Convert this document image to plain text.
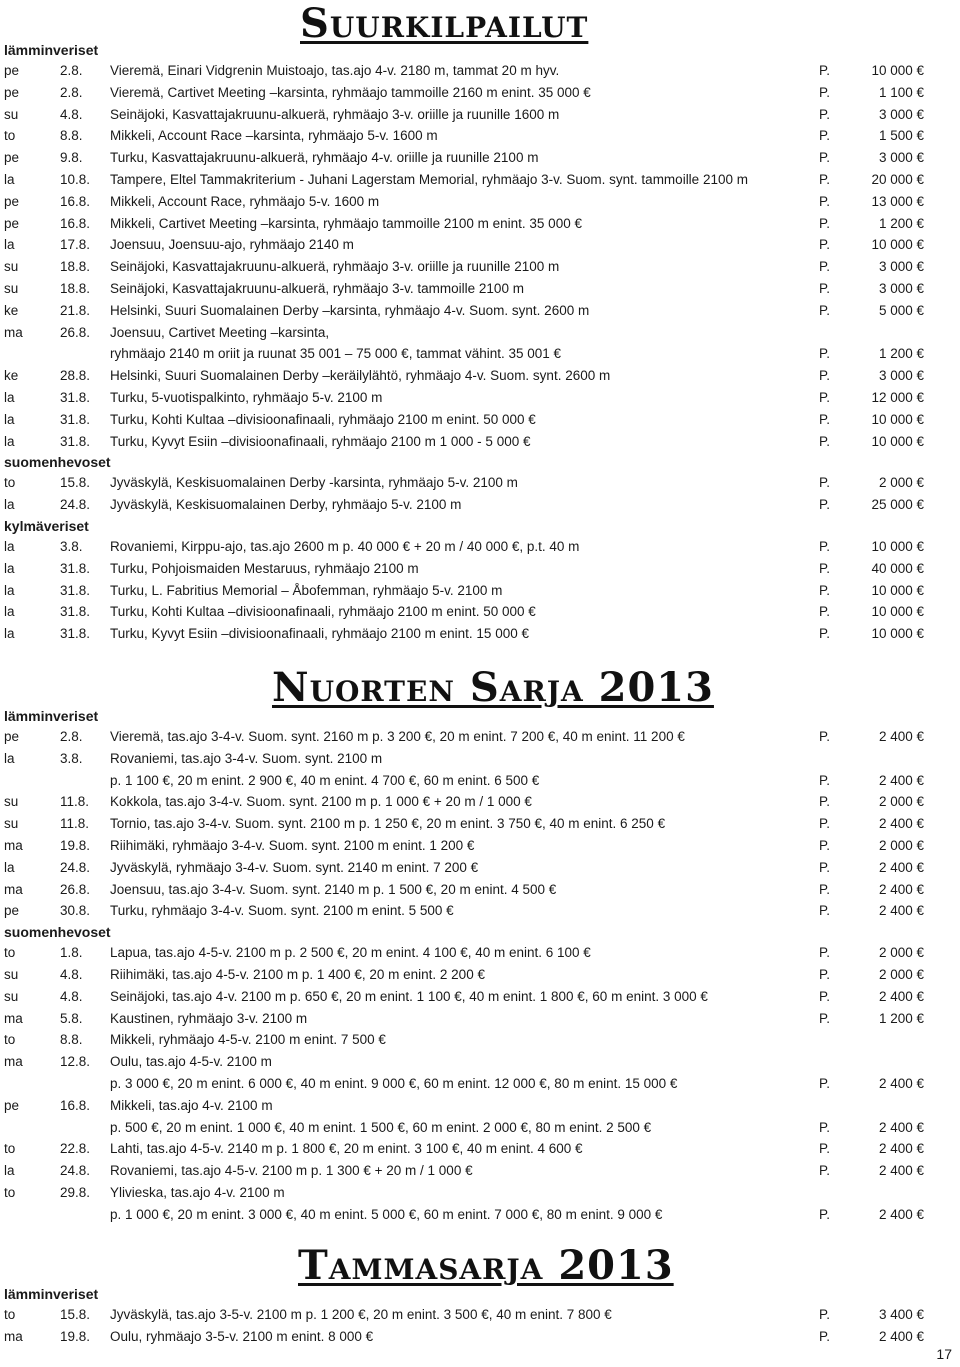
Suurkilpailut
lämminveriset
pe	2.8. Vieremä, Einari Vidgrenin Muistoajo, tas.ajo 4-v. 2180 m, tammat 20 m hyv.	P.	10 000 €
pe	2.8. Vieremä, Cartivet Meeting –karsinta, ryhmäajo tammoille 2160 m enint. 35 000 €	P.	1 100 €
su	4.8. Seinäjoki, Kasvattajakruunu-alkuerä, ryhmäajo 3-v. oriille ja ruunille 1600 m	P.	3 000 €
to	8.8. Mikkeli, Account Race –karsinta, ryhmäajo 5-v. 1600 m	P.	1 500 €
pe	9.8. Turku, Kasvattajakruunu-alkuerä, ryhmäajo 4-v. oriille ja ruunille 2100 m	P.	3 000 €
la	10.8. Tampere, Eltel Tammakriterium - Juhani Lagerstam Memorial, ryhmäajo 3-v. Suom. synt. tammoille 2100 m	P.	20 000 €
pe	16.8. Mikkeli, Account Race, ryhmäajo 5-v. 1600 m	P.	13 000 €
pe	16.8. Mikkeli, Cartivet Meeting –karsinta, ryhmäajo tammoille 2100 m enint. 35 000 €	P.	1 200 €
la	17.8. Joensuu, Joensuu-ajo, ryhmäajo 2140 m	P.	10 000 €
su	18.8. Seinäjoki, Kasvattajakruunu-alkuerä, ryhmäajo 3-v. oriille ja ruunille 2100 m	P.	3 000 €
su	18.8. Seinäjoki, Kasvattajakruunu-alkuerä, ryhmäajo 3-v. tammoille 2100 m	P.	3 000 €
ke	21.8. Helsinki, Suuri Suomalainen Derby –karsinta, ryhmäajo 4-v. Suom. synt. 2600 m	P.	5 000 €
ma	26.8. Joensuu, Cartivet Meeting –karsinta,
ryhmäajo 2140 m oriit ja ruunat 35 001 – 75 000 €, tammat vähint. 35 001 €	P.	1 200 €
ke	28.8. Helsinki, Suuri Suomalainen Derby –keräilylähtö, ryhmäajo 4-v. Suom. synt. 2600 m	P.	3 000 €
la	31.8. Turku, 5-vuotispalkinto, ryhmäajo 5-v. 2100 m	P.	12 000 €
la	31.8. Turku, Kohti Kultaa –divisioonafinaali, ryhmäajo 2100 m enint. 50 000 €	P.	10 000 €
la	31.8. Turku, Kyvyt Esiin –divisioonafinaali, ryhmäajo 2100 m 1 000 - 5 000 €	P.	10 000 €
suomenhevoset
to	15.8. Jyväskylä, Keskisuomalainen Derby -karsinta, ryhmäajo 5-v. 2100 m	P.	2 000 €
la	24.8. Jyväskylä, Keskisuomalainen Derby, ryhmäajo 5-v. 2100 m	P.	25 000 €
kylmäveriset
la	3.8. Rovaniemi, Kirppu-ajo, tas.ajo 2600 m p. 40 000 € + 20 m / 40 000 €, p.t. 40 m	P.	10 000 €
la	31.8. Turku, Pohjoismaiden Mestaruus, ryhmäajo 2100 m	P.	40 000 €
la	31.8. Turku, L. Fabritius Memorial – Åbofemman, ryhmäajo 5-v. 2100 m	P.	10 000 €
la	31.8. Turku, Kohti Kultaa –divisioonafinaali, ryhmäajo 2100 m enint. 50 000 €	P.	10 000 €
la	31.8. Turku, Kyvyt Esiin –divisioonafinaali, ryhmäajo 2100 m enint. 15 000 €	P.	10 000 €
Nuorten Sarja 2013
lämminveriset
pe	2.8. Vieremä, tas.ajo 3-4-v. Suom. synt. 2160 m p. 3 200 €, 20 m enint. 7 200 €, 40 m enint. 11 200 €	P.	2 400 €
la	3.8. Rovaniemi, tas.ajo 3-4-v. Suom. synt. 2100 m
p. 1 100 €, 20 m enint. 2 900 €, 40 m enint. 4 700 €, 60 m enint. 6 500 €	P.	2 400 €
su	11.8. Kokkola, tas.ajo 3-4-v. Suom. synt. 2100 m p. 1 000 € + 20 m / 1 000 €	P.	2 000 €
su	11.8. Tornio, tas.ajo 3-4-v. Suom. synt. 2100 m p. 1 250 €, 20 m enint. 3 750 €, 40 m enint. 6 250 €	P.	2 400 €
ma	19.8. Riihimäki, ryhmäajo 3-4-v. Suom. synt. 2100 m enint. 1 200 €	P.	2 000 €
la	24.8. Jyväskylä, ryhmäajo 3-4-v. Suom. synt. 2140 m enint. 7 200 €	P.	2 400 €
ma	26.8. Joensuu, tas.ajo 3-4-v. Suom. synt. 2140 m p. 1 500 €, 20 m enint. 4 500 €	P.	2 400 €
pe	30.8. Turku, ryhmäajo 3-4-v. Suom. synt. 2100 m enint. 5 500 €	P.	2 400 €
suomenhevoset
to	1.8. Lapua, tas.ajo 4-5-v. 2100 m p. 2 500 €, 20 m enint. 4 100 €, 40 m enint. 6 100 €	P.	2 000 €
su	4.8. Riihimäki, tas.ajo 4-5-v. 2100 m p. 1 400 €, 20 m enint. 2 200 €	P.	2 000 €
su	4.8. Seinäjoki, tas.ajo 4-v. 2100 m p. 650 €, 20 m enint. 1 100 €, 40 m enint. 1 800 €, 60 m enint. 3 000 €	P.	2 400 €
ma	5.8. Kaustinen, ryhmäajo 3-v. 2100 m	P.	1 200 €
to	8.8. Mikkeli, ryhmäajo 4-5-v. 2100 m enint. 7 500 €
ma	12.8. Oulu, tas.ajo 4-5-v. 2100 m
p. 3 000 €, 20 m enint. 6 000 €, 40 m enint. 9 000 €, 60 m enint. 12 000 €, 80 m enint. 15 000 €	P.	2 400 €
pe	16.8. Mikkeli, tas.ajo 4-v. 2100 m
p. 500 €, 20 m enint. 1 000 €, 40 m enint. 1 500 €, 60 m enint. 2 000 €, 80 m enint. 2 500 €	P.	2 400 €
to	22.8. Lahti, tas.ajo 4-5-v. 2140 m p. 1 800 €, 20 m enint. 3 100 €, 40 m enint. 4 600 €	P.	2 400 €
la	24.8. Rovaniemi, tas.ajo 4-5-v. 2100 m p. 1 300 € + 20 m / 1 000 €	P.	2 400 €
to	29.8. Ylivieska, tas.ajo 4-v. 2100 m
p. 1 000 €, 20 m enint. 3 000 €, 40 m enint. 5 000 €, 60 m enint. 7 000 €, 80 m enint. 9 000 €	P.	2 400 €
Tammasarja 2013
lämminveriset
to	15.8. Jyväskylä, tas.ajo 3-5-v. 2100 m p. 1 200 €, 20 m enint. 3 500 €, 40 m enint. 7 800 €	P.	3 400 €
ma	19.8. Oulu, ryhmäajo 3-5-v. 2100 m enint. 8 000 €	P.	2 400 €
17
